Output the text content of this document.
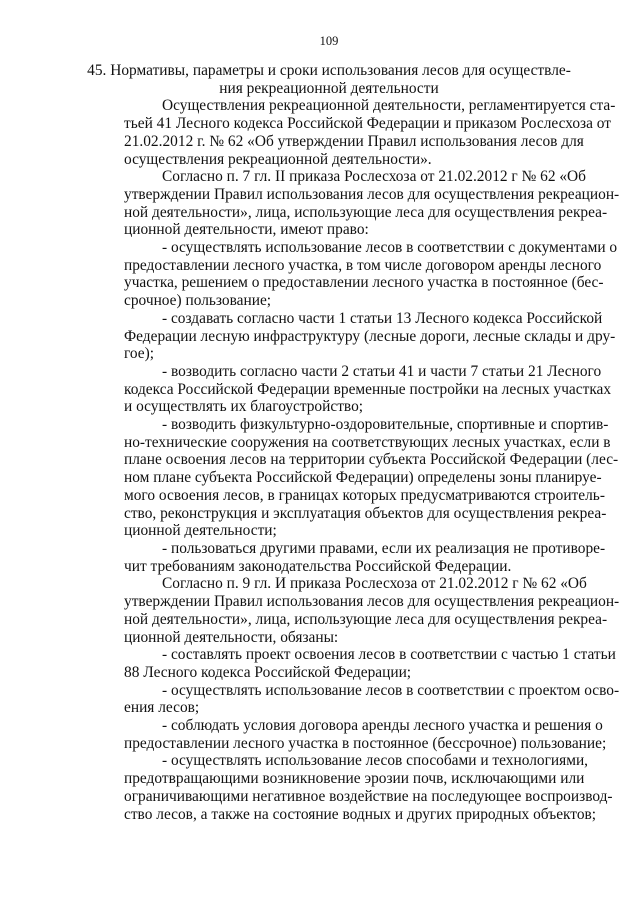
109
45. Нормативы, параметры и сроки использования лесов для осуществле-
ния рекреационной деятельности
Осуществления рекреационной деятельности, регламентируется ста-
тьей 41 Лесного кодекса Российской Федерации и приказом Рослесхоза от
21.02.2012 г. № 62 «Об утверждении Правил использования лесов для
осуществления рекреационной деятельности».
Согласно п. 7 гл. II приказа Рослесхоза от 21.02.2012 г № 62 «Об
утверждении Правил использования лесов для осуществления рекреацион-
ной деятельности», лица, использующие леса для осуществления рекреа-
ционной деятельности, имеют право:
- осуществлять использование лесов в соответствии с документами о
предоставлении лесного участка, в том числе договором аренды лесного
участка, решением о предоставлении лесного участка в постоянное (бес-
срочное) пользование;
- создавать согласно части 1 статьи 13 Лесного кодекса Российской
Федерации лесную инфраструктуру (лесные дороги, лесные склады и дру-
гое);
- возводить согласно части 2 статьи 41 и части 7 статьи 21 Лесного
кодекса Российской Федерации временные постройки на лесных участках
и осуществлять их благоустройство;
- возводить физкультурно-оздоровительные, спортивные и спортив-
но-технические сооружения на соответствующих лесных участках, если в
плане освоения лесов на территории субъекта Российской Федерации (лес-
ном плане субъекта Российской Федерации) определены зоны планируе-
мого освоения лесов, в границах которых предусматриваются строитель-
ство, реконструкция и эксплуатация объектов для осуществления рекреа-
ционной деятельности;
- пользоваться другими правами, если их реализация не противоре-
чит требованиям законодательства Российской Федерации.
Согласно п. 9 гл. И приказа Рослесхоза от 21.02.2012 г № 62 «Об
утверждении Правил использования лесов для осуществления рекреацион-
ной деятельности», лица, использующие леса для осуществления рекреа-
ционной деятельности, обязаны:
- составлять проект освоения лесов в соответствии с частью 1 статьи
88 Лесного кодекса Российской Федерации;
- осуществлять использование лесов в соответствии с проектом осво-
ения лесов;
- соблюдать условия договора аренды лесного участка и решения о
предоставлении лесного участка в постоянное (бессрочное) пользование;
- осуществлять использование лесов способами и технологиями,
предотвращающими возникновение эрозии почв, исключающими или
ограничивающими негативное воздействие на последующее воспроизвод-
ство лесов, а также на состояние водных и других природных объектов;
